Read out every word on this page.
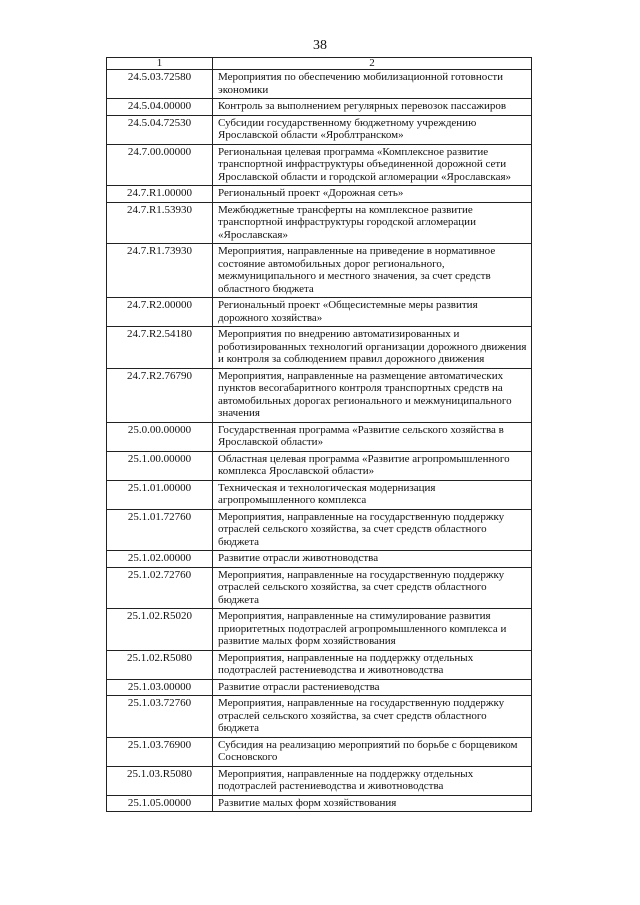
38
1	2
24.5.03.72580	Мероприятия по обеспечению мобилизационной готовности экономики
24.5.04.00000	Контроль за выполнением регулярных перевозок пассажиров
24.5.04.72530	Субсидии государственному бюджетному учреждению Ярославской области «Яроблтранском»
24.7.00.00000	Региональная целевая программа «Комплексное развитие транспортной инфраструктуры объединенной дорожной сети Ярославской области и городской агломерации «Ярославская»
24.7.R1.00000	Региональный проект «Дорожная сеть»
24.7.R1.53930	Межбюджетные трансферты на комплексное развитие транспортной инфраструктуры городской агломерации «Ярославская»
24.7.R1.73930	Мероприятия, направленные на приведение в нормативное состояние автомобильных дорог регионального, межмуниципального и местного значения, за счет средств областного бюджета
24.7.R2.00000	Региональный проект «Общесистемные меры развития дорожного хозяйства»
24.7.R2.54180	Мероприятия по внедрению автоматизированных и роботизированных технологий организации дорожного движения и контроля за соблюдением правил дорожного движения
24.7.R2.76790	Мероприятия, направленные на размещение автоматических пунктов весогабаритного контроля транспортных средств на автомобильных дорогах регионального и межмуниципального значения
25.0.00.00000	Государственная программа «Развитие сельского хозяйства в Ярославской области»
25.1.00.00000	Областная целевая программа «Развитие агропромышленного комплекса Ярославской области»
25.1.01.00000	Техническая и технологическая модернизация агропромышленного комплекса
25.1.01.72760	Мероприятия, направленные на государственную поддержку отраслей сельского хозяйства, за счет средств областного бюджета
25.1.02.00000	Развитие отрасли животноводства
25.1.02.72760	Мероприятия, направленные на государственную поддержку отраслей сельского хозяйства, за счет средств областного бюджета
25.1.02.R5020	Мероприятия, направленные на стимулирование развития приоритетных подотраслей агропромышленного комплекса и развитие малых форм хозяйствования
25.1.02.R5080	Мероприятия, направленные на поддержку отдельных подотраслей растениеводства и животноводства
25.1.03.00000	Развитие отрасли растениеводства
25.1.03.72760	Мероприятия, направленные на государственную поддержку отраслей сельского хозяйства, за счет средств областного бюджета
25.1.03.76900	Субсидия на реализацию мероприятий по борьбе с борщевиком Сосновского
25.1.03.R5080	Мероприятия, направленные на поддержку отдельных подотраслей растениеводства и животноводства
25.1.05.00000	Развитие малых форм хозяйствования
